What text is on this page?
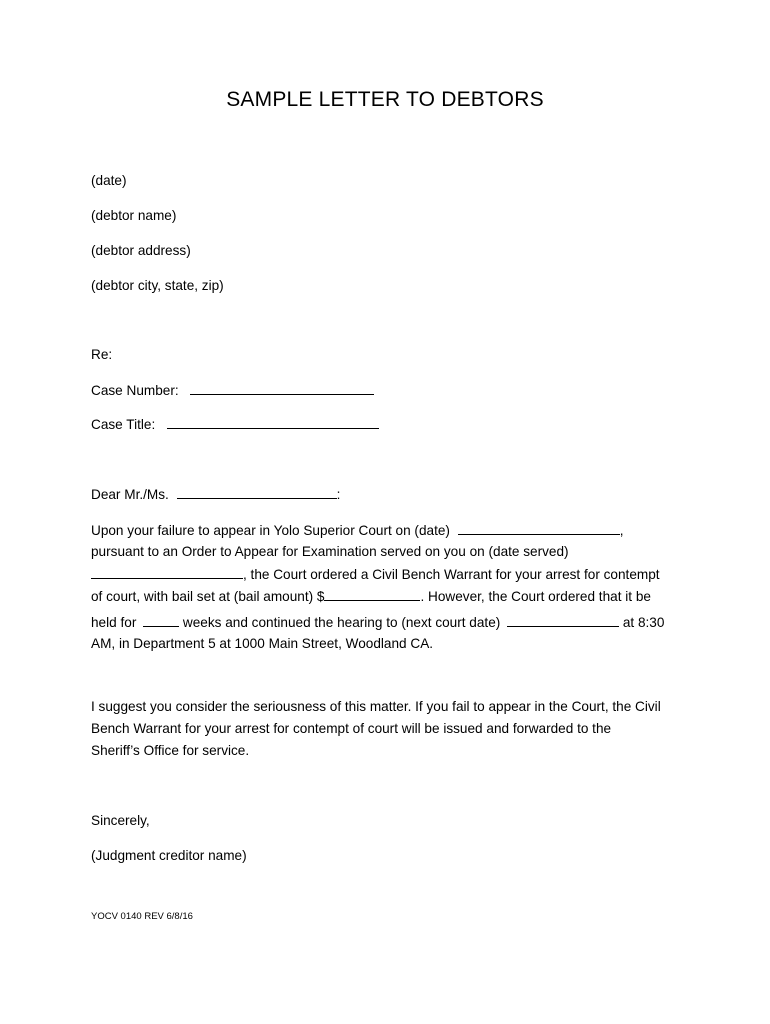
SAMPLE LETTER TO DEBTORS
(date)
(debtor name)
(debtor address)
(debtor city, state, zip)
Re:
Case Number:
Case Title:
Dear Mr./Ms.	:
Upon your failure to appear in Yolo Superior Court on (date)	,
pursuant to an Order to Appear for Examination served on you on (date served)
, the Court ordered a Civil Bench Warrant for your arrest for contempt
of court, with bail set at (bail amount) $	. However, the Court ordered that it be
held for	weeks and continued the hearing to (next court date)	at 8:30
AM, in Department 5 at 1000 Main Street, Woodland CA.
I suggest you consider the seriousness of this matter. If you fail to appear in the Court, the Civil
Bench Warrant for your arrest for contempt of court will be issued and forwarded to the
Sheriff’s Office for service.
Sincerely,
(Judgment creditor name)
YOCV 0140 REV 6/8/16
